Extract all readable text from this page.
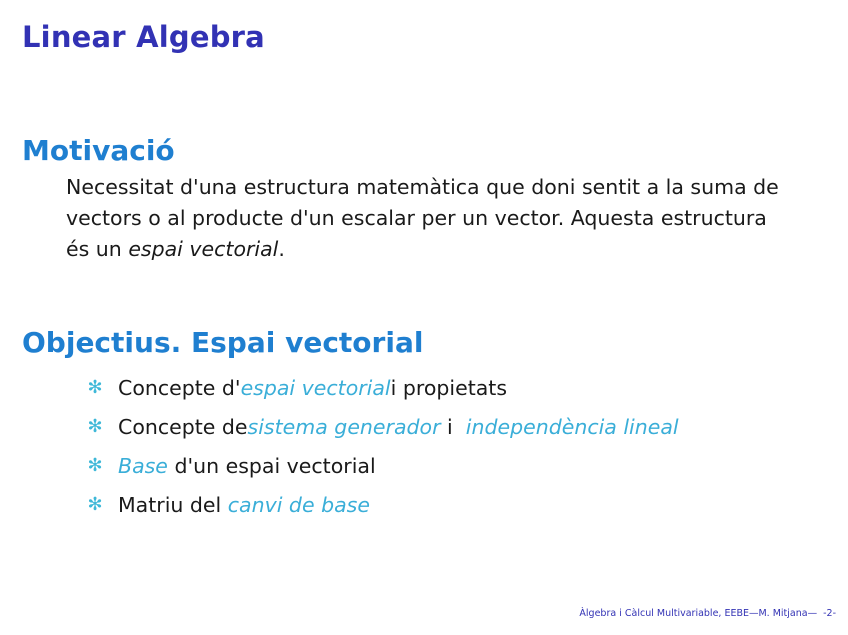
Linear Algebra
Motivació
Necessitat d'una estructura matemàtica que doni sentit a la suma de vectors o al producte d'un escalar per un vector. Aquesta estructura és un espai vectorial.
Objectius. Espai vectorial
✻ Concepte d' espai vectorial i propietats
✻ Concepte de sistema generador i independència lineal
✻ Base d'un espai vectorial
✻ Matriu del canvi de base
Àlgebra i Càlcul Multivariable, EEBE—M. Mitjana— -2-
